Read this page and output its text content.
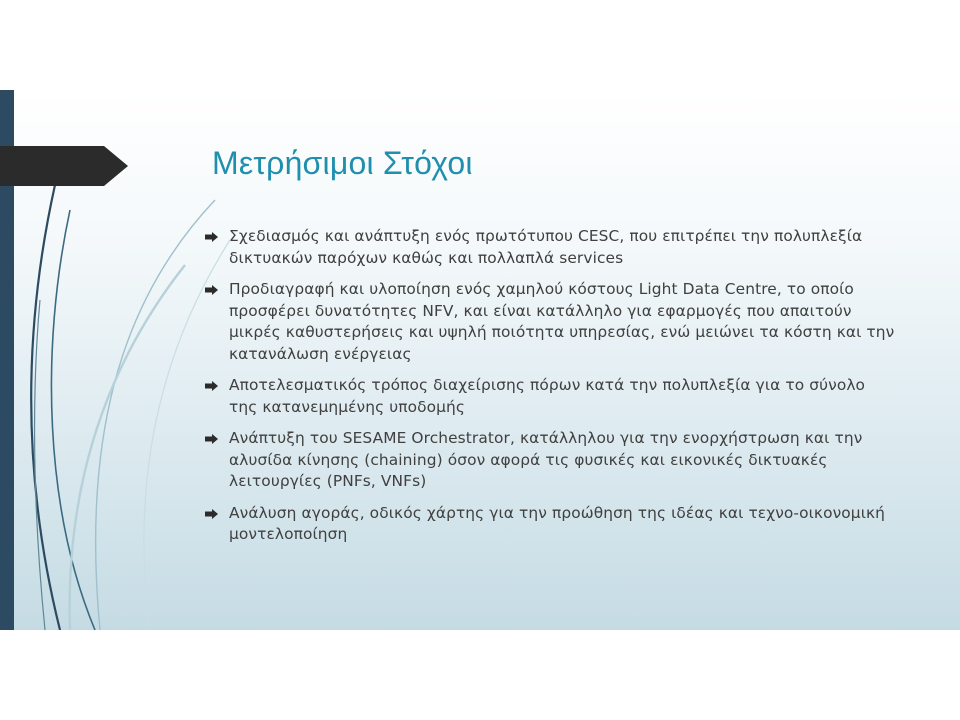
Μετρήσιμοι Στόχοι
Σχεδιασμός και ανάπτυξη ενός πρωτότυπου CESC, που επιτρέπει την πολυπλεξία δικτυακών παρόχων καθώς και πολλαπλά services
Προδιαγραφή και υλοποίηση ενός χαμηλού κόστους Light Data Centre, το οποίο προσφέρει δυνατότητες NFV, και είναι κατάλληλο για εφαρμογές που απαιτούν μικρές καθυστερήσεις και υψηλή ποιότητα υπηρεσίας, ενώ μειώνει τα κόστη και την κατανάλωση ενέργειας
Αποτελεσματικός τρόπος διαχείρισης πόρων κατά την πολυπλεξία για το σύνολο της κατανεμημένης υποδομής
Ανάπτυξη του SESAME Orchestrator, κατάλληλου για την ενορχήστρωση και την αλυσίδα κίνησης (chaining) όσον αφορά τις φυσικές και εικονικές δικτυακές λειτουργίες (PNFs, VNFs)
Ανάλυση αγοράς, οδικός χάρτης για την προώθηση της ιδέας και τεχνο-οικονομική μοντελοποίηση
